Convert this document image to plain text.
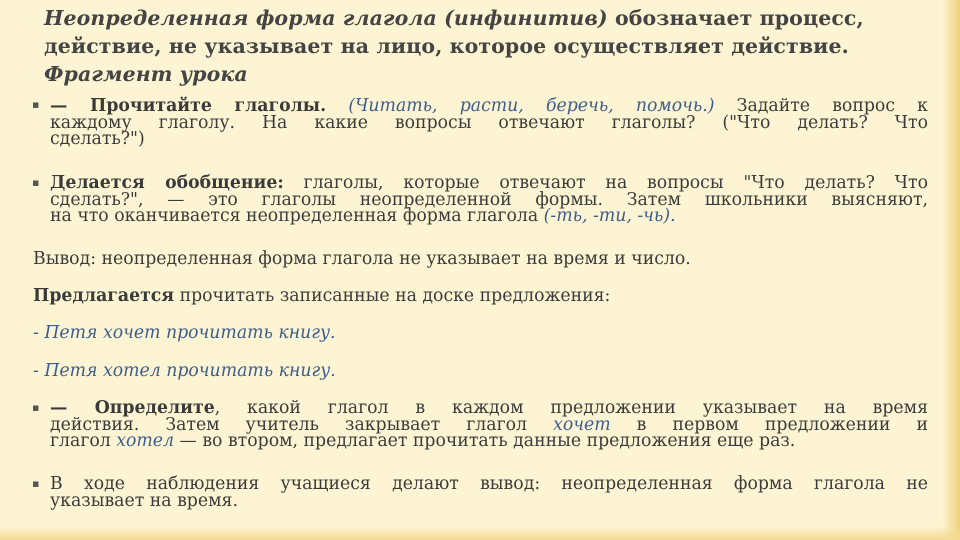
Неопределенная форма глагола (инфинитив) обозначает процесс,
действие, не указывает на лицо, которое осуществляет действие.
Фрагмент урока
▪ — Прочитайте глаголы. (Читать, расти, беречь, помочь.) Задайте вопрос к
каждому глаголу. На какие вопросы отвечают глаголы? ("Что делать? Что
сделать?")
▪ Делается обобщение: глаголы, которые отвечают на вопросы "Что делать? Что
сделать?", — это глаголы неопределенной формы. Затем школьники выясняют,
на что оканчивается неопределенная форма глагола (-ть, -ти, -чь).
Вывод: неопределенная форма глагола не указывает на время и число.
Предлагается прочитать записанные на доске предложения:
- Петя хочет прочитать книгу.
- Петя хотел прочитать книгу.
▪ — Определите, какой глагол в каждом предложении указывает на время
действия. Затем учитель закрывает глагол хочет в первом предложении и
глагол хотел — во втором, предлагает прочитать данные предложения еще раз.
▪ В ходе наблюдения учащиеся делают вывод: неопределенная форма глагола не
указывает на время.
